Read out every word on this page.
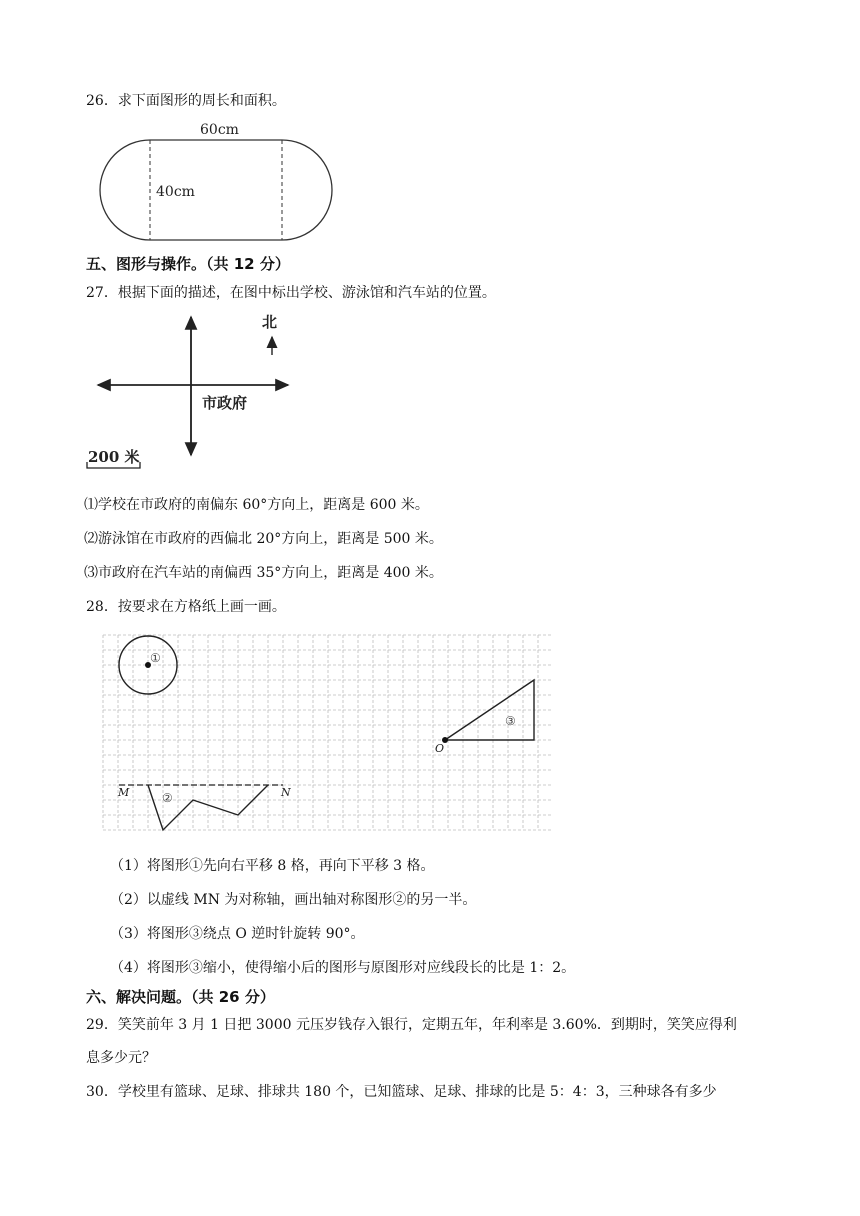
26．求下面图形的周长和面积。
60cm
40cm
五、图形与操作。（共 12 分）
27．根据下面的描述，在图中标出学校、游泳馆和汽车站的位置。
北
市政府
200 米
⑴学校在市政府的南偏东 60°方向上，距离是 600 米。
⑵游泳馆在市政府的西偏北 20°方向上，距离是 500 米。
⑶市政府在汽车站的南偏西 35°方向上，距离是 400 米。
28．按要求在方格纸上画一画。
①
O
③
M	N
②
（1）将图形①先向右平移 8 格，再向下平移 3 格。
（2）以虚线 MN 为对称轴，画出轴对称图形②的另一半。
（3）将图形③绕点 O 逆时针旋转 90°。
（4）将图形③缩小，使得缩小后的图形与原图形对应线段长的比是 1：2。
六、解决问题。（共 26 分）
29．笑笑前年 3 月 1 日把 3000 元压岁钱存入银行，定期五年，年利率是 3.60%．到期时，笑笑应得利
息多少元？
30．学校里有篮球、足球、排球共 180 个，已知篮球、足球、排球的比是 5：4：3，三种球各有多少
